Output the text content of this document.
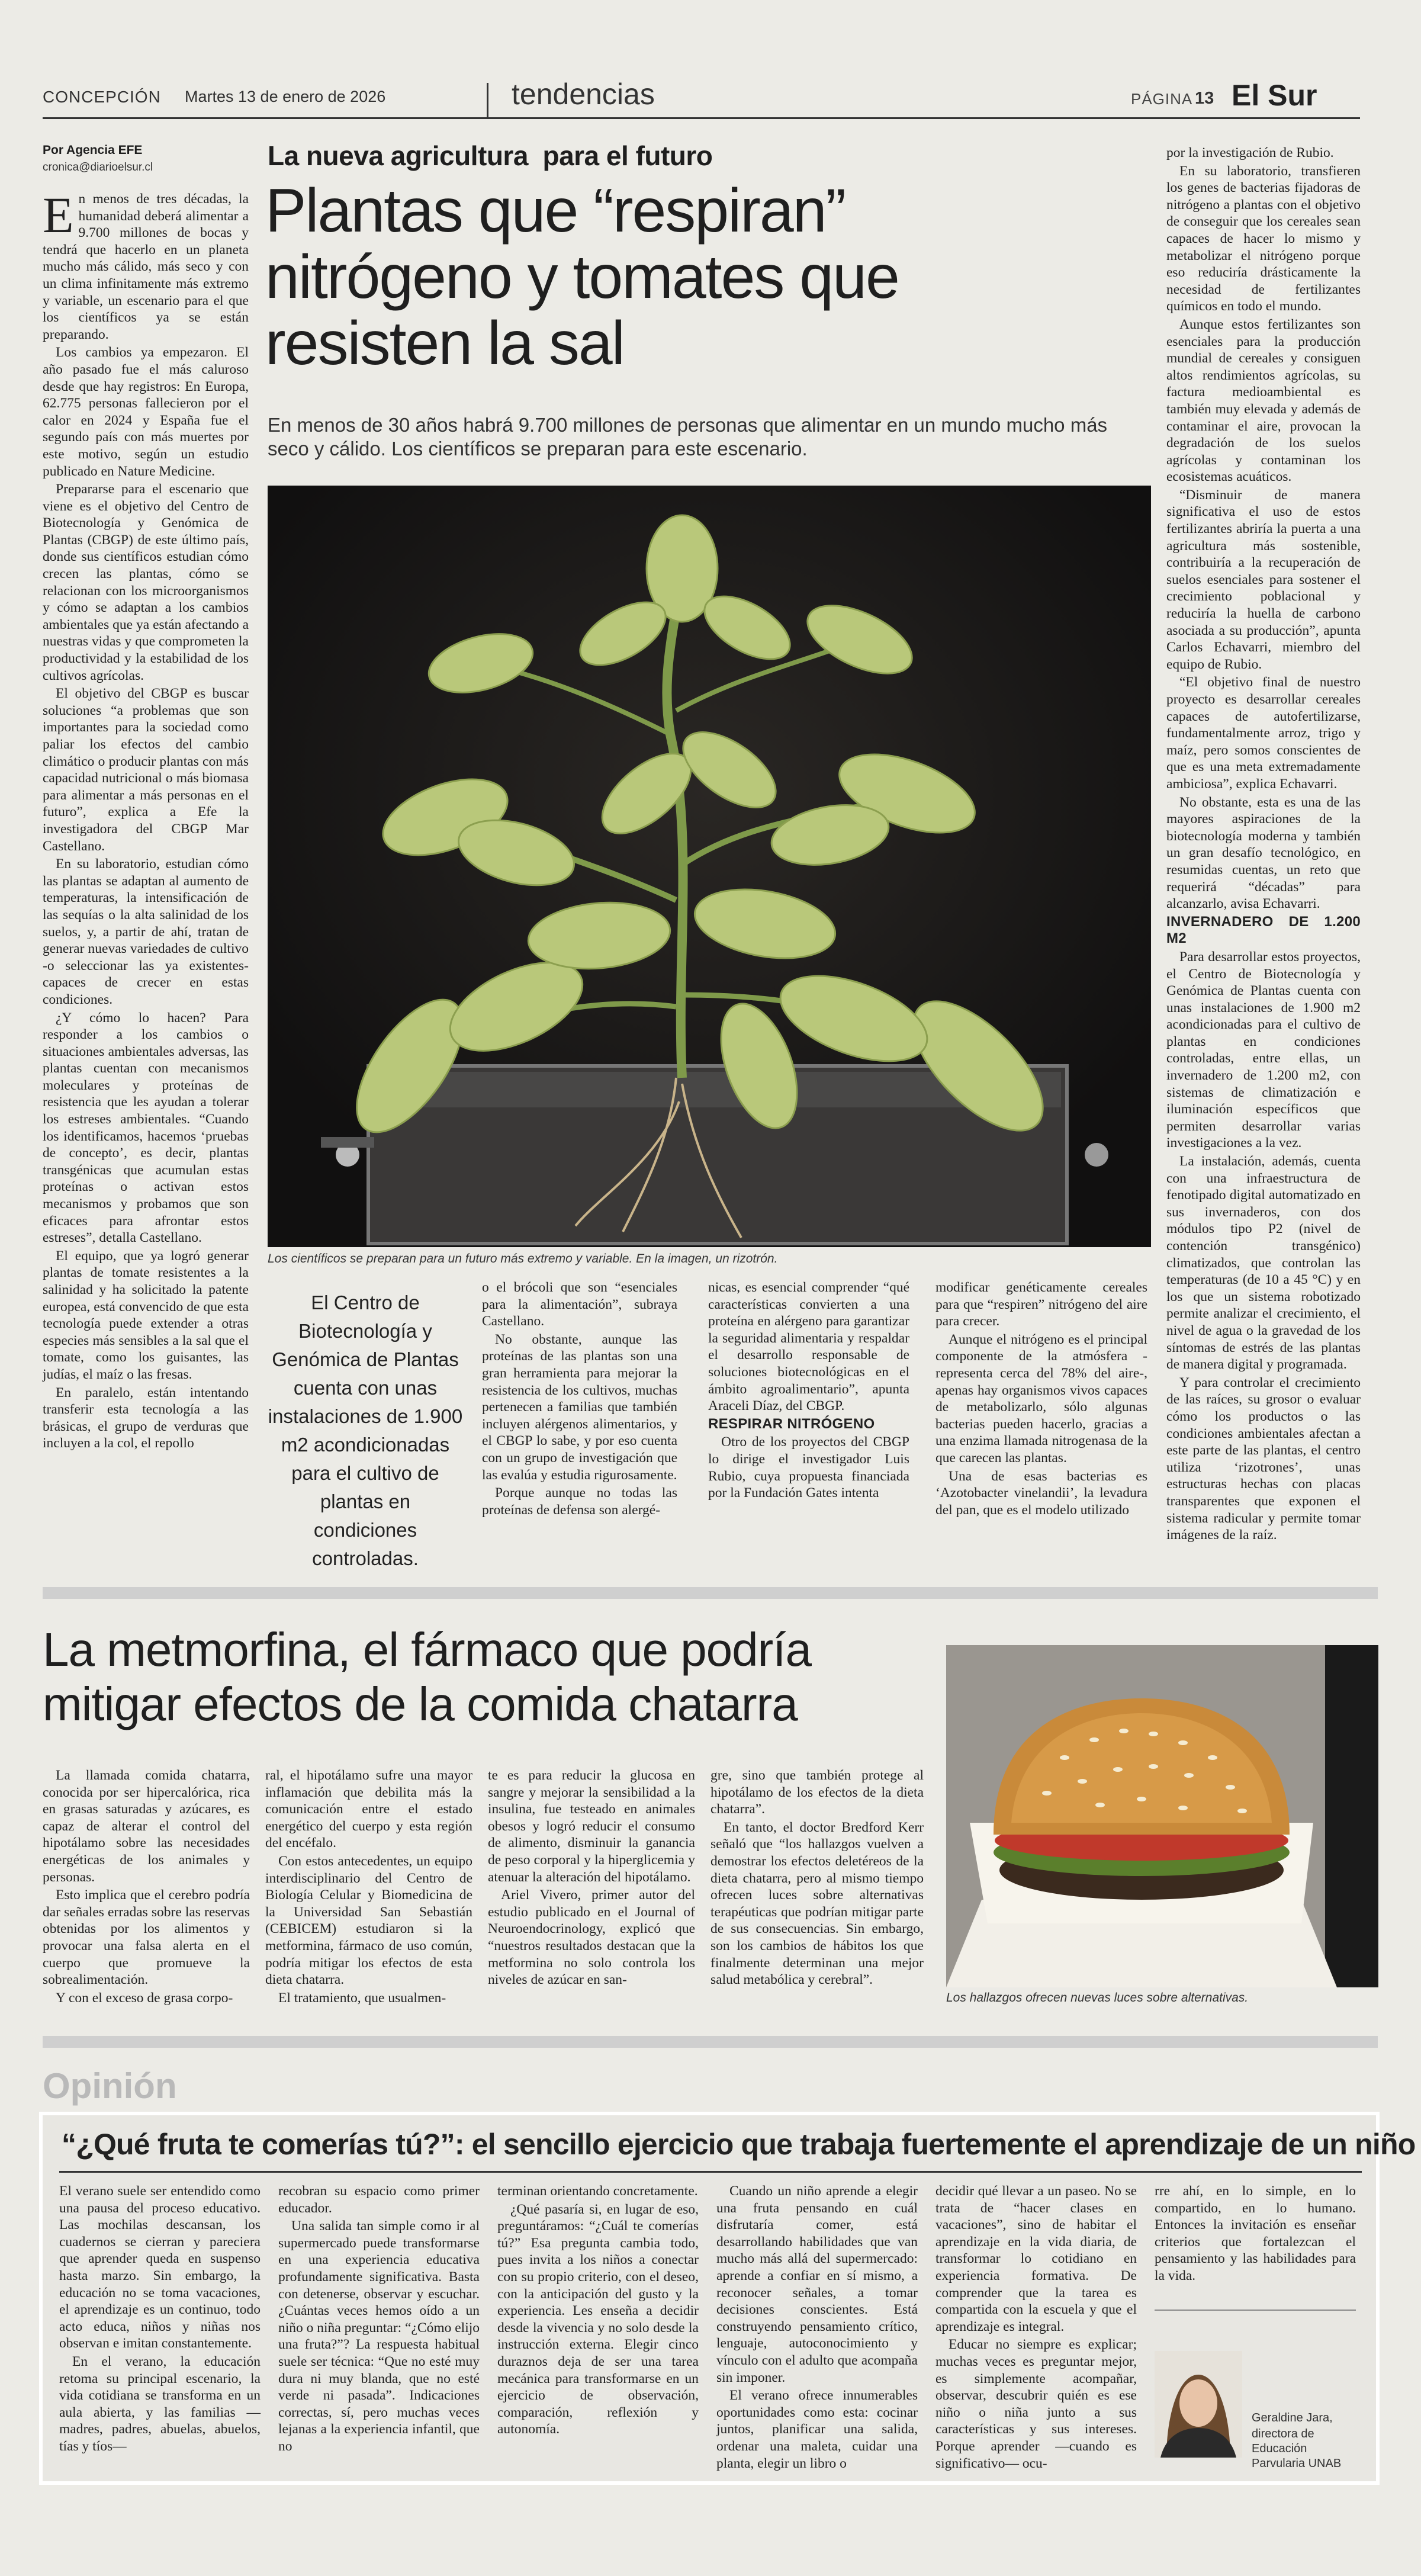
CONCEPCIÓN Martes 13 de enero de 2026	tendencias	PÁGINA 13 El Sur
Por Agencia EFE
cronica@diarioelsur.cl	La nueva agricultura  para el futuro
Plantas que “respiran”
nitrógeno y tomates que
resisten la sal
En menos de 30 años habrá 9.700 millones de personas que alimentar en un mundo mucho más seco y cálido. Los científicos se preparan para este escenario.
E n menos de tres décadas, la humanidad deberá alimentar a 9.700 millones de bocas y tendrá que hacerlo en un planeta mucho más cálido, más seco y con un clima infinitamente más extremo y variable, un escenario para el que los científicos ya se están preparando.

Los cambios ya empezaron. El año pasado fue el más caluroso desde que hay registros: En Europa, 62.775 personas fallecieron por el calor en 2024 y España fue el segundo país con más muertes por este motivo, según un estudio publicado en Nature Medicine.

Prepararse para el escenario que viene es el objetivo del Centro de Biotecnología y Genómica de Plantas (CBGP) de este último país, donde sus científicos estudian cómo crecen las plantas, cómo se relacionan con los microorganismos y cómo se adaptan a los cambios ambientales que ya están afectando a nuestras vidas y que comprometen la productividad y la estabilidad de los cultivos agrícolas.

El objetivo del CBGP es buscar soluciones “a problemas que son importantes para la sociedad como paliar los efectos del cambio climático o producir plantas con más capacidad nutricional o más biomasa para alimentar a más personas en el futuro”, explica a Efe la investigadora del CBGP Mar Castellano.

En su laboratorio, estudian cómo las plantas se adaptan al aumento de temperaturas, la intensificación de las sequías o la alta salinidad de los suelos, y, a partir de ahí, tratan de generar nuevas variedades de cultivo -o seleccionar las ya existentes- capaces de crecer en estas condiciones.

¿Y cómo lo hacen? Para responder a los cambios o situaciones ambientales adversas, las plantas cuentan con mecanismos moleculares y proteínas de resistencia que les ayudan a tolerar los estreses ambientales. “Cuando los identificamos, hacemos ‘pruebas de concepto’, es decir, plantas transgénicas que acumulan estas proteínas o activan estos mecanismos y probamos que son eficaces para afrontar estos estreses”, detalla Castellano.

El equipo, que ya logró generar plantas de tomate resistentes a la salinidad y ha solicitado la patente europea, está convencido de que esta tecnología puede extender a otras especies más sensibles a la sal que el tomate, como los guisantes, las judías, el maíz o las fresas.

En paralelo, están intentando transferir esta tecnología a las brásicas, el grupo de verduras que incluyen a la col, el repollo

Los científicos se preparan para un futuro más extremo y variable. En la imagen, un rizotrón.
El Centro de Biotecnología y Genómica de Plantas cuenta con unas instalaciones de 1.900 m2 acondicionadas para el cultivo de plantas en condiciones controladas.

o el brócoli que son “esenciales para la alimentación”, subraya Castellano.

No obstante, aunque las proteínas de las plantas son una gran herramienta para mejorar la resistencia de los cultivos, muchas pertenecen a familias que también incluyen alérgenos alimentarios, y el CBGP lo sabe, y por eso cuenta con un grupo de investigación que las evalúa y estudia rigurosamente.

Porque aunque no todas las proteínas de defensa son alergé-

nicas, es esencial comprender “qué características convierten a una proteína en alérgeno para garantizar la seguridad alimentaria y respaldar el desarrollo responsable de soluciones biotecnológicas en el ámbito agroalimentario”, apunta Araceli Díaz, del CBGP.

RESPIRAR NITRÓGENO

Otro de los proyectos del CBGP lo dirige el investigador Luis Rubio, cuya propuesta financiada por la Fundación Gates intenta

modificar genéticamente cereales para que “respiren” nitrógeno del aire para crecer.

Aunque el nitrógeno es el principal componente de la atmósfera -representa cerca del 78% del aire-, apenas hay organismos vivos capaces de metabolizarlo, sólo algunas bacterias pueden hacerlo, gracias a una enzima llamada nitrogenasa de la que carecen las plantas.

Una de esas bacterias es ‘Azotobacter vinelandii’, la levadura del pan, que es el modelo utilizado

por la investigación de Rubio.

En su laboratorio, transfieren los genes de bacterias fijadoras de nitrógeno a plantas con el objetivo de conseguir que los cereales sean capaces de hacer lo mismo y metabolizar el nitrógeno porque eso reduciría drásticamente la necesidad de fertilizantes químicos en todo el mundo.

Aunque estos fertilizantes son esenciales para la producción mundial de cereales y consiguen altos rendimientos agrícolas, su factura medioambiental es también muy elevada y además de contaminar el aire, provocan la degradación de los suelos agrícolas y contaminan los ecosistemas acuáticos.

“Disminuir de manera significativa el uso de estos fertilizantes abriría la puerta a una agricultura más sostenible, contribuiría a la recuperación de suelos esenciales para sostener el crecimiento poblacional y reduciría la huella de carbono asociada a su producción”, apunta Carlos Echavarri, miembro del equipo de Rubio.

“El objetivo final de nuestro proyecto es desarrollar cereales capaces de autofertilizarse, fundamentalmente arroz, trigo y maíz, pero somos conscientes de que es una meta extremadamente ambiciosa”, explica Echavarri.

No obstante, esta es una de las mayores aspiraciones de la biotecnología moderna y también un gran desafío tecnológico, en resumidas cuentas, un reto que requerirá “décadas” para alcanzarlo, avisa Echavarri.

INVERNADERO DE 1.200 M2

Para desarrollar estos proyectos, el Centro de Biotecnología y Genómica de Plantas cuenta con unas instalaciones de 1.900 m2 acondicionadas para el cultivo de plantas en condiciones controladas, entre ellas, un invernadero de 1.200 m2, con sistemas de climatización e iluminación específicos que permiten desarrollar varias investigaciones a la vez.

La instalación, además, cuenta con una infraestructura de fenotipado digital automatizado en sus invernaderos, con dos módulos tipo P2 (nivel de contención transgénico) climatizados, que controlan las temperaturas (de 10 a 45 °C) y en los que un sistema robotizado permite analizar el crecimiento, el nivel de agua o la gravedad de los síntomas de estrés de las plantas de manera digital y programada.

Y para controlar el crecimiento de las raíces, su grosor o evaluar cómo los productos o las condiciones ambientales afectan a este parte de las plantas, el centro utiliza ‘rizotrones’, unas estructuras hechas con placas transparentes que exponen el sistema radicular y permite tomar imágenes de la raíz.

La metmorfina, el fármaco que podría
mitigar efectos de la comida chatarra

La llamada comida chatarra, conocida por ser hipercalórica, rica en grasas saturadas y azúcares, es capaz de alterar el control del hipotálamo sobre las necesidades energéticas de los animales y personas.

Esto implica que el cerebro podría dar señales erradas sobre las reservas obtenidas por los alimentos y provocar una falsa alerta en el cuerpo que promueve la sobrealimentación.

Y con el exceso de grasa corpo-

ral, el hipotálamo sufre una mayor inflamación que debilita más la comunicación entre el estado energético del cuerpo y esta región del encéfalo.

Con estos antecedentes, un equipo interdisciplinario del Centro de Biología Celular y Biomedicina de la Universidad San Sebastián (CEBICEM) estudiaron si la metformina, fármaco de uso común, podría mitigar los efectos de esta dieta chatarra.

El tratamiento, que usualmen-

te es para reducir la glucosa en sangre y mejorar la sensibilidad a la insulina, fue testeado en animales obesos y logró reducir el consumo de alimento, disminuir la ganancia de peso corporal y la hiperglicemia y atenuar la alteración del hipotálamo.

Ariel Vivero, primer autor del estudio publicado en el Journal of Neuroendocrinology, explicó que “nuestros resultados destacan que la metformina no solo controla los niveles de azúcar en san-

gre, sino que también protege al hipotálamo de los efectos de la dieta chatarra”.

En tanto, el doctor Bredford Kerr señaló que “los hallazgos vuelven a demostrar los efectos deletéreos de la dieta chatarra, pero al mismo tiempo ofrecen luces sobre alternativas terapéuticas que podrían mitigar parte de sus consecuencias. Sin embargo, son los cambios de hábitos los que finalmente determinan una mejor salud metabólica y cerebral”.

Los hallazgos ofrecen nuevas luces sobre alternativas.
Opinión
“¿Qué fruta te comerías tú?”: el sencillo ejercicio que trabaja fuertemente el aprendizaje de un niño

El verano suele ser entendido como una pausa del proceso educativo. Las mochilas descansan, los cuadernos se cierran y pareciera que aprender queda en suspenso hasta marzo. Sin embargo, la educación no se toma vacaciones, el aprendizaje es un continuo, todo acto educa, niños y niñas nos observan e imitan constantemente.

En el verano, la educación retoma su principal escenario, la vida cotidiana se transforma en un aula abierta, y las familias —madres, padres, abuelas, abuelos, tías y tíos—

recobran su espacio como primer educador.

Una salida tan simple como ir al supermercado puede transformarse en una experiencia educativa profundamente significativa. Basta con detenerse, observar y escuchar. ¿Cuántas veces hemos oído a un niño o niña preguntar: “¿Cómo elijo una fruta?”? La respuesta habitual suele ser técnica: “Que no esté muy dura ni muy blanda, que no esté verde ni pasada”. Indicaciones correctas, sí, pero muchas veces lejanas a la experiencia infantil, que no

terminan orientando concretamente.

¿Qué pasaría si, en lugar de eso, preguntáramos: “¿Cuál te comerías tú?” Esa pregunta cambia todo, pues invita a los niños a conectar con su propio criterio, con el deseo, con la anticipación del gusto y la experiencia. Les enseña a decidir desde la vivencia y no solo desde la instrucción externa. Elegir cinco duraznos deja de ser una tarea mecánica para transformarse en un ejercicio de observación, comparación, reflexión y autonomía.

Cuando un niño aprende a elegir una fruta pensando en cuál disfrutaría comer, está desarrollando habilidades que van mucho más allá del supermercado: aprende a confiar en sí mismo, a reconocer señales, a tomar decisiones conscientes. Está construyendo pensamiento crítico, lenguaje, autoconocimiento y vínculo con el adulto que acompaña sin imponer.

El verano ofrece innumerables oportunidades como esta: cocinar juntos, planificar una salida, ordenar una maleta, cuidar una planta, elegir un libro o

decidir qué llevar a un paseo. No se trata de “hacer clases en vacaciones”, sino de habitar el aprendizaje en la vida diaria, de transformar lo cotidiano en experiencia formativa. De comprender que la tarea es compartida con la escuela y que el aprendizaje es integral.

Educar no siempre es explicar; muchas veces es preguntar mejor, es simplemente acompañar, observar, descubrir quién es ese niño o niña junto a sus características y sus intereses. Porque aprender —cuando es significativo— ocu-

rre ahí, en lo simple, en lo compartido, en lo humano. Entonces la invitación es enseñar criterios que fortalezcan el pensamiento y las habilidades para la vida.

Geraldine Jara,
directora de Educación Parvularia UNAB
